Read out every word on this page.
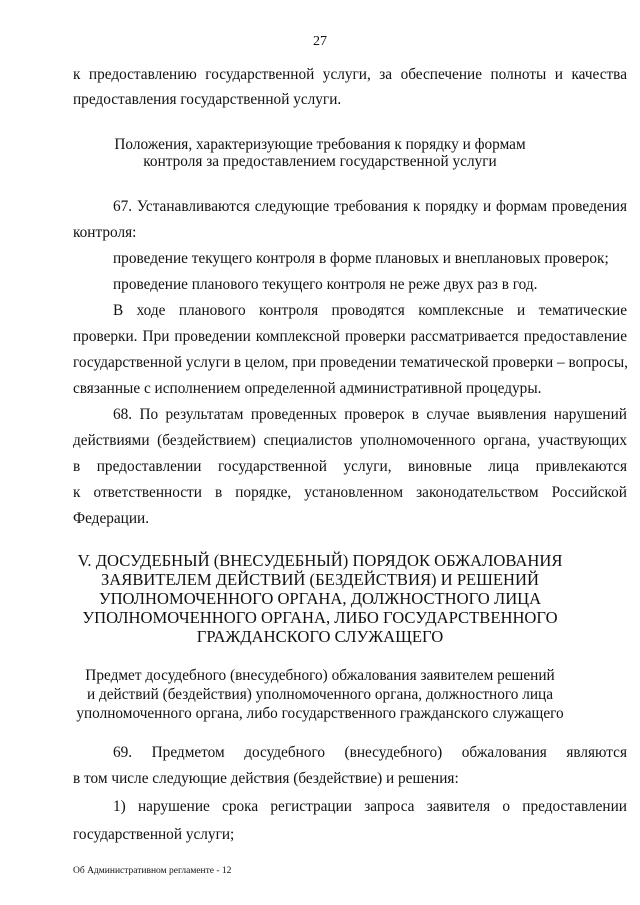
27
к предоставлению государственной услуги, за обеспечение полноты и качества
предоставления государственной услуги.
Положения, характеризующие требования к порядку и формам
контроля за предоставлением государственной услуги
67. Устанавливаются следующие требования к порядку и формам проведения
контроля:
проведение текущего контроля в форме плановых и внеплановых проверок;
проведение планового текущего контроля не реже двух раз в год.
В ходе планового контроля проводятся комплексные и тематические
проверки. При проведении комплексной проверки рассматривается предоставление
государственной услуги в целом, при проведении тематической проверки – вопросы,
связанные с исполнением определенной административной процедуры.
68. По результатам проведенных проверок в случае выявления нарушений
действиями (бездействием) специалистов уполномоченного органа, участвующих
в предоставлении государственной услуги, виновные лица привлекаются
к ответственности в порядке, установленном законодательством Российской
Федерации.
V. ДОСУДЕБНЫЙ (ВНЕСУДЕБНЫЙ) ПОРЯДОК ОБЖАЛОВАНИЯ
ЗАЯВИТЕЛЕМ ДЕЙСТВИЙ (БЕЗДЕЙСТВИЯ) И РЕШЕНИЙ
УПОЛНОМОЧЕННОГО ОРГАНА, ДОЛЖНОСТНОГО ЛИЦА
УПОЛНОМОЧЕННОГО ОРГАНА, ЛИБО ГОСУДАРСТВЕННОГО
ГРАЖДАНСКОГО СЛУЖАЩЕГО
Предмет досудебного (внесудебного) обжалования заявителем решений
и действий (бездействия) уполномоченного органа, должностного лица
уполномоченного органа, либо государственного гражданского служащего
69. Предметом досудебного (внесудебного) обжалования являются
в том числе следующие действия (бездействие) и решения:
1) нарушение срока регистрации запроса заявителя о предоставлении
государственной услуги;
Об Административном регламенте - 12
